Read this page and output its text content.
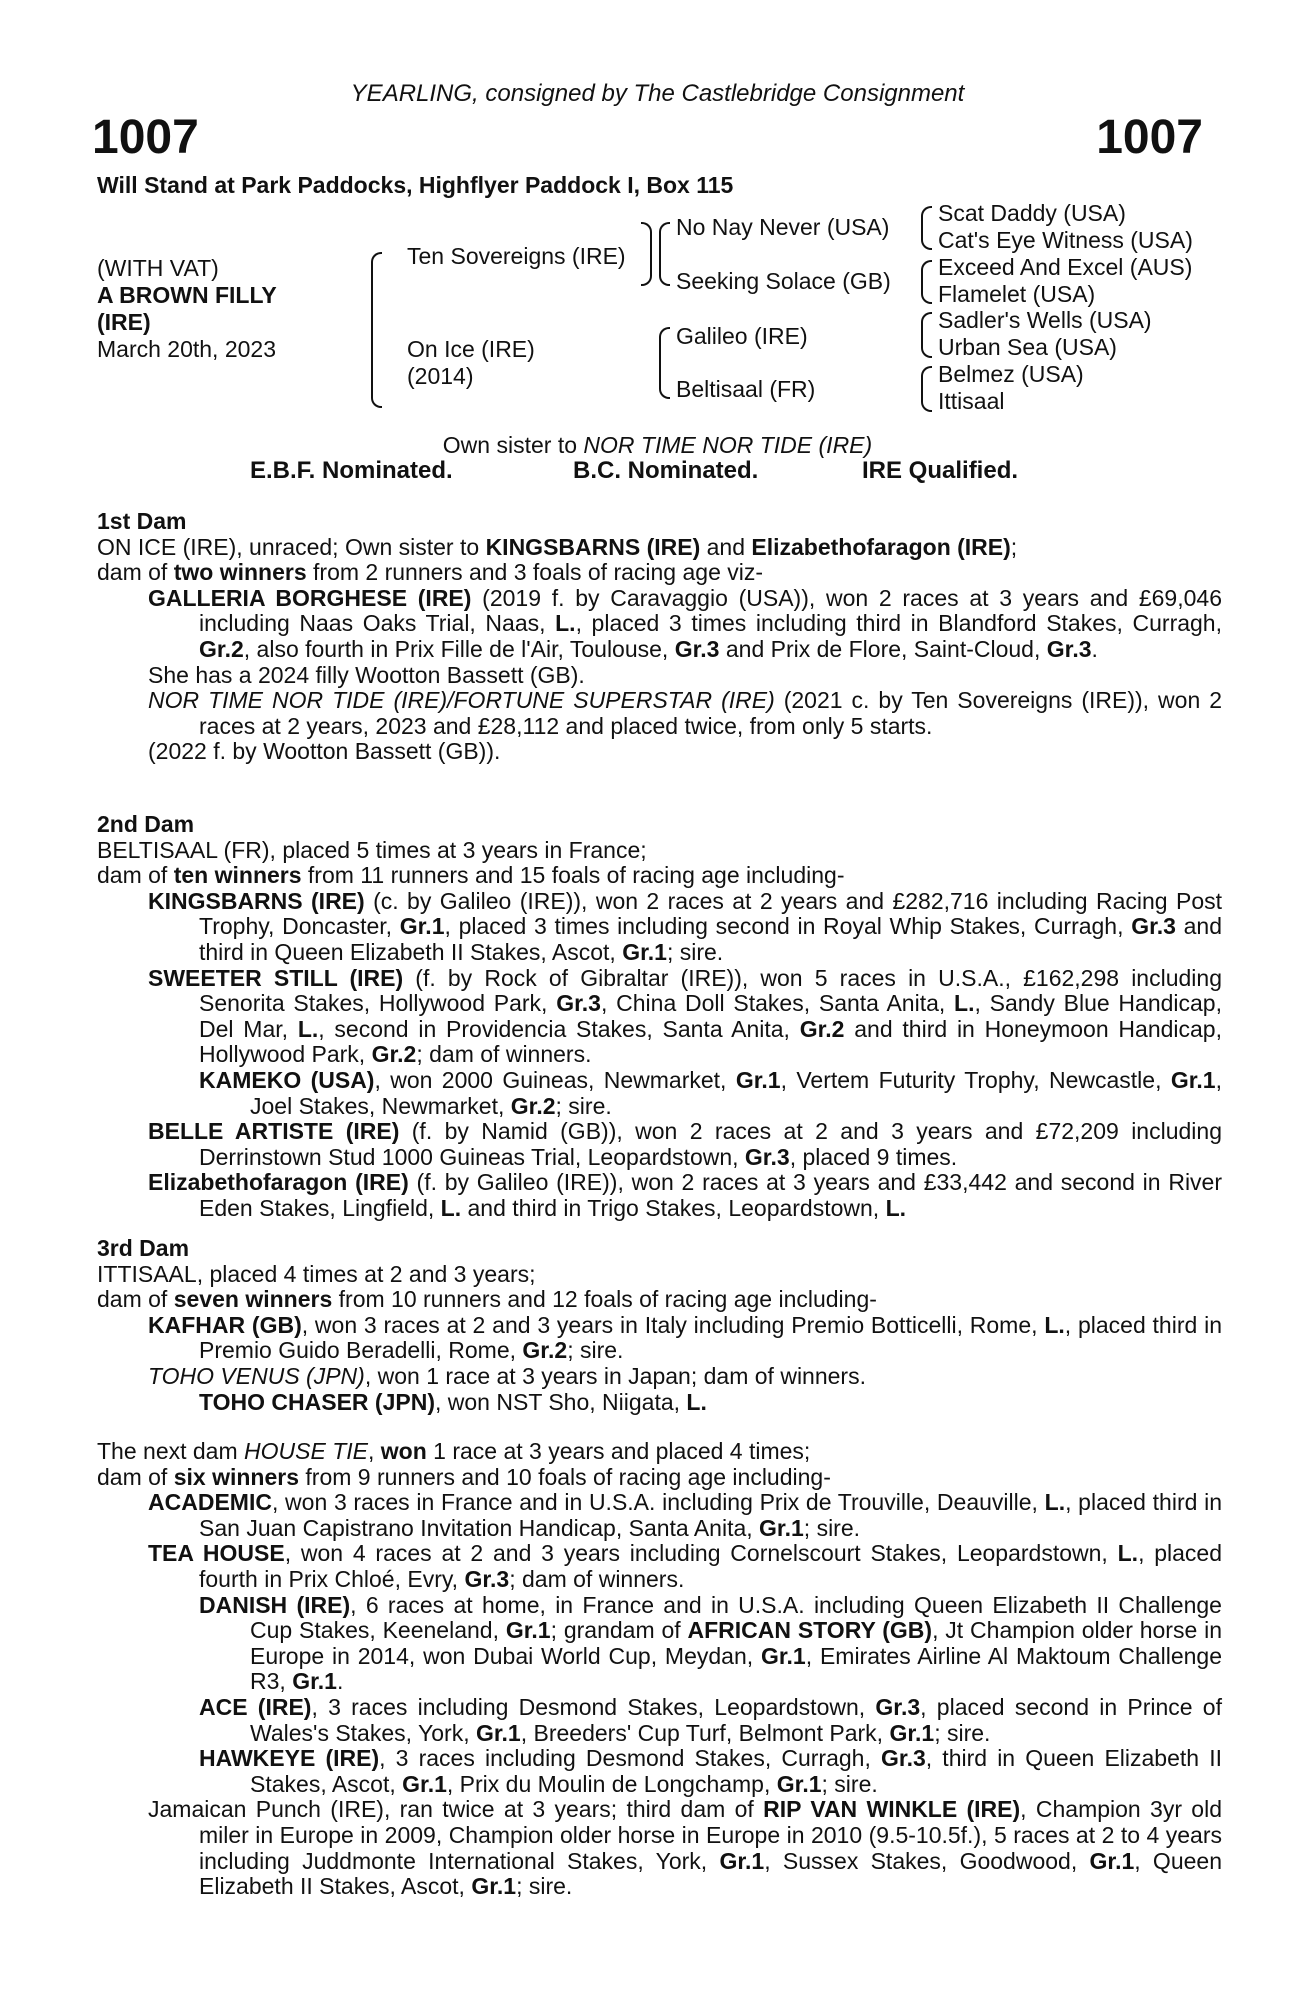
YEARLING, consigned by The Castlebridge Consignment
1007	1007
Will Stand at Park Paddocks, Highflyer Paddock I, Box 115
(WITH VAT)
A BROWN FILLY
(IRE)
March 20th, 2023
Ten Sovereigns (IRE)
On Ice (IRE)
(2014)
No Nay Never (USA)
Seeking Solace (GB)
Galileo (IRE)
Beltisaal (FR)
Scat Daddy (USA)
Cat's Eye Witness (USA)
Exceed And Excel (AUS)
Flamelet (USA)
Sadler's Wells (USA)
Urban Sea (USA)
Belmez (USA)
Ittisaal
Own sister to NOR TIME NOR TIDE (IRE)
E.B.F. Nominated.	B.C. Nominated.	IRE Qualified.
1st Dam

ON ICE (IRE), unraced; Own sister to KINGSBARNS (IRE) and Elizabethofaragon (IRE);

dam of two winners from 2 runners and 3 foals of racing age viz-

GALLERIA BORGHESE (IRE) (2019 f. by Caravaggio (USA)), won 2 races at 3 years and £69,046 including Naas Oaks Trial, Naas, L., placed 3 times including third in Blandford Stakes, Curragh, Gr.2, also fourth in Prix Fille de l'Air, Toulouse, Gr.3 and Prix de Flore, Saint-Cloud, Gr.3.

She has a 2024 filly Wootton Bassett (GB).

NOR TIME NOR TIDE (IRE)/FORTUNE SUPERSTAR (IRE) (2021 c. by Ten Sovereigns (IRE)), won 2 races at 2 years, 2023 and £28,112 and placed twice, from only 5 starts.

(2022 f. by Wootton Bassett (GB)).

2nd Dam

BELTISAAL (FR), placed 5 times at 3 years in France;

dam of ten winners from 11 runners and 15 foals of racing age including-

KINGSBARNS (IRE) (c. by Galileo (IRE)), won 2 races at 2 years and £282,716 including Racing Post Trophy, Doncaster, Gr.1, placed 3 times including second in Royal Whip Stakes, Curragh, Gr.3 and third in Queen Elizabeth II Stakes, Ascot, Gr.1; sire.

SWEETER STILL (IRE) (f. by Rock of Gibraltar (IRE)), won 5 races in U.S.A., £162,298 including Senorita Stakes, Hollywood Park, Gr.3, China Doll Stakes, Santa Anita, L., Sandy Blue Handicap, Del Mar, L., second in Providencia Stakes, Santa Anita, Gr.2 and third in Honeymoon Handicap, Hollywood Park, Gr.2; dam of winners.

KAMEKO (USA), won 2000 Guineas, Newmarket, Gr.1, Vertem Futurity Trophy, Newcastle, Gr.1, Joel Stakes, Newmarket, Gr.2; sire.

BELLE ARTISTE (IRE) (f. by Namid (GB)), won 2 races at 2 and 3 years and £72,209 including Derrinstown Stud 1000 Guineas Trial, Leopardstown, Gr.3, placed 9 times.

Elizabethofaragon (IRE) (f. by Galileo (IRE)), won 2 races at 3 years and £33,442 and second in River Eden Stakes, Lingfield, L. and third in Trigo Stakes, Leopardstown, L.

3rd Dam

ITTISAAL, placed 4 times at 2 and 3 years;

dam of seven winners from 10 runners and 12 foals of racing age including-

KAFHAR (GB), won 3 races at 2 and 3 years in Italy including Premio Botticelli, Rome, L., placed third in Premio Guido Beradelli, Rome, Gr.2; sire.

TOHO VENUS (JPN), won 1 race at 3 years in Japan; dam of winners.

TOHO CHASER (JPN), won NST Sho, Niigata, L.

The next dam HOUSE TIE, won 1 race at 3 years and placed 4 times;

dam of six winners from 9 runners and 10 foals of racing age including-

ACADEMIC, won 3 races in France and in U.S.A. including Prix de Trouville, Deauville, L., placed third in San Juan Capistrano Invitation Handicap, Santa Anita, Gr.1; sire.

TEA HOUSE, won 4 races at 2 and 3 years including Cornelscourt Stakes, Leopardstown, L., placed fourth in Prix Chloé, Evry, Gr.3; dam of winners.

DANISH (IRE), 6 races at home, in France and in U.S.A. including Queen Elizabeth II Challenge Cup Stakes, Keeneland, Gr.1; grandam of AFRICAN STORY (GB), Jt Champion older horse in Europe in 2014, won Dubai World Cup, Meydan, Gr.1, Emirates Airline Al Maktoum Challenge R3, Gr.1.

ACE (IRE), 3 races including Desmond Stakes, Leopardstown, Gr.3, placed second in Prince of Wales's Stakes, York, Gr.1, Breeders' Cup Turf, Belmont Park, Gr.1; sire.

HAWKEYE (IRE), 3 races including Desmond Stakes, Curragh, Gr.3, third in Queen Elizabeth II Stakes, Ascot, Gr.1, Prix du Moulin de Longchamp, Gr.1; sire.

Jamaican Punch (IRE), ran twice at 3 years; third dam of RIP VAN WINKLE (IRE), Champion 3yr old miler in Europe in 2009, Champion older horse in Europe in 2010 (9.5-10.5f.), 5 races at 2 to 4 years including Juddmonte International Stakes, York, Gr.1, Sussex Stakes, Goodwood, Gr.1, Queen Elizabeth II Stakes, Ascot, Gr.1; sire.
